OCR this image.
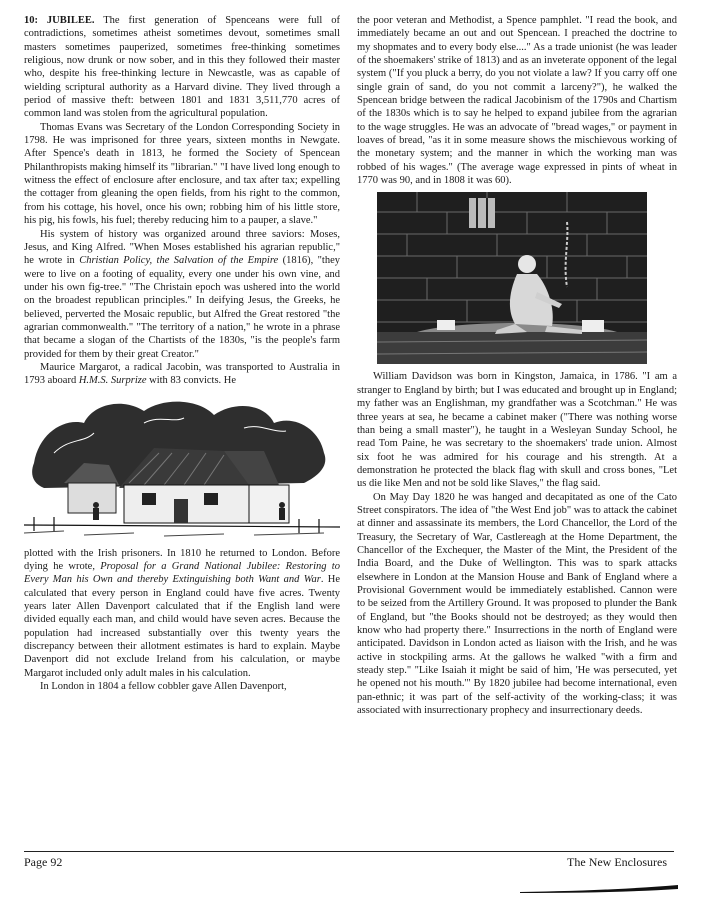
10: JUBILEE. The first generation of Spenceans were full of contradictions, sometimes atheist sometimes devout, sometimes small masters sometimes pauperized, sometimes free-thinking sometimes religious, now drunk or now sober, and in this they followed their master who, despite his free-thinking lecture in Newcastle, was as capable of wielding scriptural authority as a Harvard divine. They lived through a period of massive theft: between 1801 and 1831 3,511,770 acres of common land was stolen from the agricultural population.

Thomas Evans was Secretary of the London Corresponding Society in 1798. He was imprisoned for three years, sixteen months in Newgate. After Spence's death in 1813, he formed the Society of Spencean Philanthropists making himself its "librarian." "I have lived long enough to witness the effect of enclosure after enclosure, and tax after tax; expelling the cottager from gleaning the open fields, from his right to the common, from his cottage, his hovel, once his own; robbing him of his little store, his pig, his fowls, his fuel; thereby reducing him to a pauper, a slave."

His system of history was organized around three saviors: Moses, Jesus, and King Alfred. "When Moses established his agrarian republic," he wrote in Christian Policy, the Salvation of the Empire (1816), "they were to live on a footing of equality, every one under his own vine, and under his own fig-tree." "The Christain epoch was ushered into the world on the broadest republican principles." In deifying Jesus, the Greeks, he believed, perverted the Mosaic republic, but Alfred the Great restored "the agrarian commonwealth." "The territory of a nation," he wrote in a phrase that became a slogan of the Chartists of the 1830s, "is the people's farm provided for them by their great Creator."

Maurice Margarot, a radical Jacobin, was transported to Australia in 1793 aboard H.M.S. Surprize with 83 convicts. He

plotted with the Irish prisoners. In 1810 he returned to London. Before dying he wrote, Proposal for a Grand National Jubilee: Restoring to Every Man his Own and thereby Extinguishing both Want and War. He calculated that every person in England could have five acres. Twenty years later Allen Davenport calculated that if the English land were divided equally each man, and child would have seven acres. Because the population had increased substantially over this twenty years the discrepancy between their allotment estimates is hard to explain. Maybe Davenport did not exclude Ireland from his calculation, or maybe Margarot included only adult males in his calculation.

In London in 1804 a fellow cobbler gave Allen Davenport,

the poor veteran and Methodist, a Spence pamphlet. "I read the book, and immediately became an out and out Spencean. I preached the doctrine to my shopmates and to every body else...." As a trade unionist (he was leader of the shoemakers' strike of 1813) and as an inveterate opponent of the legal system ("If you pluck a berry, do you not violate a law? If you carry off one single grain of sand, do you not commit a larceny?"), he walked the Spencean bridge between the radical Jacobinism of the 1790s and Chartism of the 1830s which is to say he helped to expand jubilee from the agrarian to the wage struggles. He was an advocate of "bread wages," or payment in loaves of bread, "as it in some measure shows the mischievous working of the monetary system; and the manner in which the working man was robbed of his wages." (The average wage expressed in pints of wheat in 1770 was 90, and in 1808 it was 60).

William Davidson was born in Kingston, Jamaica, in 1786. "I am a stranger to England by birth; but I was educated and brought up in England; my father was an Englishman, my grandfather was a Scotchman." He was three years at sea, he became a cabinet maker ("There was nothing worse than being a small master"), he taught in a Wesleyan Sunday School, he read Tom Paine, he was secretary to the shoemakers' trade union. Almost six foot he was admired for his courage and his strength. At a demonstration he protected the black flag with skull and cross bones, "Let us die like Men and not be sold like Slaves," the flag said.

On May Day 1820 he was hanged and decapitated as one of the Cato Street conspirators. The idea of "the West End job" was to attack the cabinet at dinner and assassinate its members, the Lord Chancellor, the Lord of the Treasury, the Secretary of War, Castlereagh at the Home Department, the Chancellor of the Exchequer, the Master of the Mint, the President of the India Board, and the Duke of Wellington. This was to spark attacks elsewhere in London at the Mansion House and Bank of England where a Provisional Government would be immediately established. Cannon were to be seized from the Artillery Ground. It was proposed to plunder the Bank of England, but "the Books should not be destroyed; as they would then know who had property there." Insurrections in the north of England were anticipated. Davidson in London acted as liaison with the Irish, and he was active in stockpiling arms. At the gallows he walked "with a firm and steady step." "Like Isaiah it might be said of him, 'He was persecuted, yet he opened not his mouth.'" By 1820 jubilee had become international, even pan-ethnic; it was part of the self-activity of the working-class; it was associated with insurrectionary prophecy and insurrectionary deeds.

Page 92	The New Enclosures
